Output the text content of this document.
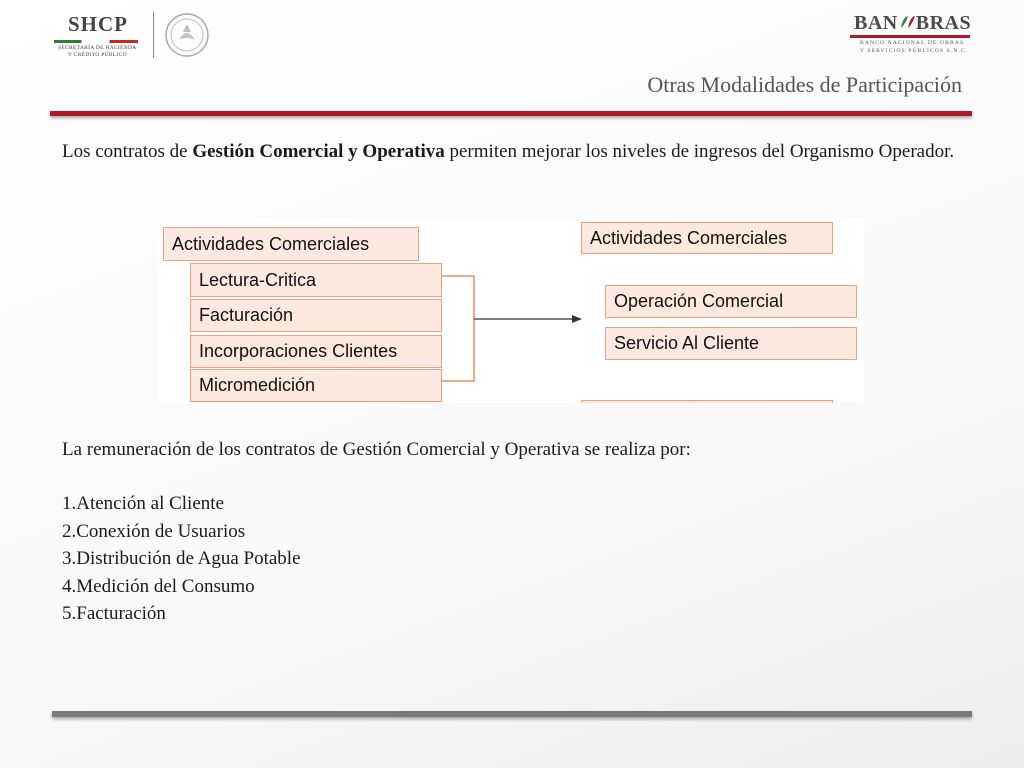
SHCP
SECRETARÍA DE HACIENDA
Y CRÉDITO PÚBLICO
BAN BRAS
BANCO NACIONAL DE OBRAS
Y SERVICIOS PÚBLICOS S.N.C.
Otras Modalidades de Participación
Los contratos de Gestión Comercial y Operativa permiten mejorar los niveles de ingresos del Organismo Operador.
Actividades Comerciales
Lectura-Critica
Facturación
Incorporaciones Clientes
Micromedición
Actividades Comerciales
Operación Comercial
Servicio Al Cliente
La remuneración de los contratos de Gestión Comercial y Operativa se realiza por:
1.Atención al Cliente
2.Conexión de Usuarios
3.Distribución de Agua Potable
4.Medición del Consumo
5.Facturación
